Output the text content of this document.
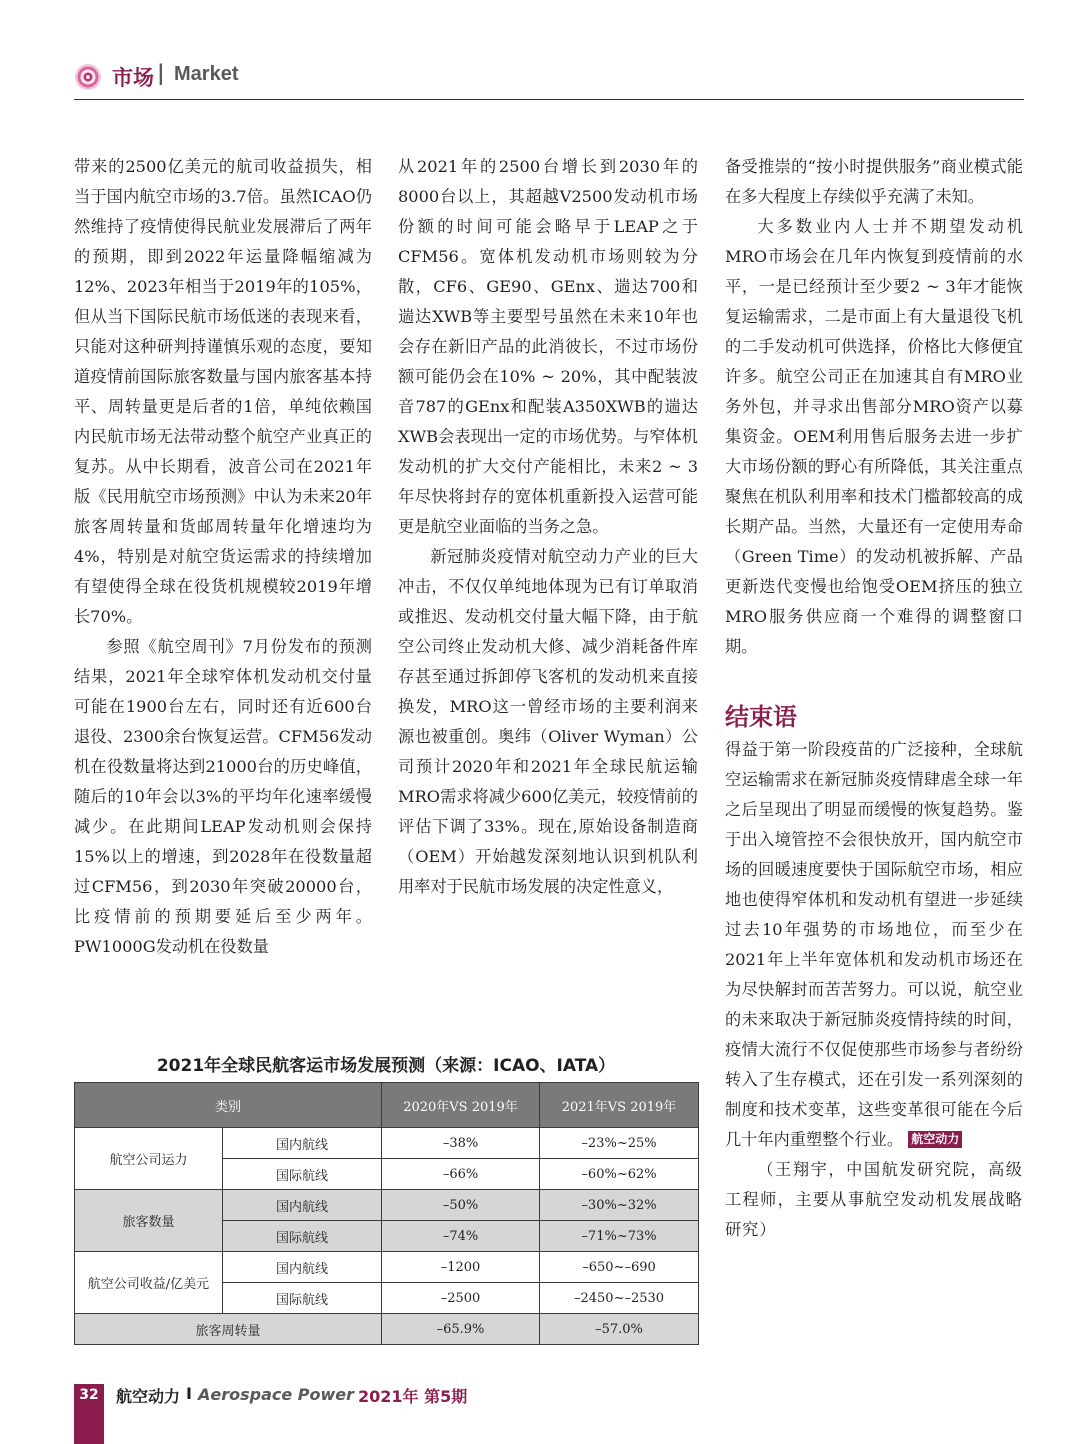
市场 | Market

带来的2500亿美元的航司收益损失，相当于国内航空市场的3.7倍。虽然ICAO仍然维持了疫情使得民航业发展滞后了两年的预期，即到2022年运量降幅缩减为12%、2023年相当于2019年的105%，但从当下国际民航市场低迷的表现来看，只能对这种研判持谨慎乐观的态度，要知道疫情前国际旅客数量与国内旅客基本持平、周转量更是后者的1倍，单纯依赖国内民航市场无法带动整个航空产业真正的复苏。从中长期看，波音公司在2021年版《民用航空市场预测》中认为未来20年旅客周转量和货邮周转量年化增速均为4%，特别是对航空货运需求的持续增加有望使得全球在役货机规模较2019年增长70%。

参照《航空周刊》7月份发布的预测结果，2021年全球窄体机发动机交付量可能在1900台左右，同时还有近600台退役、2300余台恢复运营。CFM56发动机在役数量将达到21000台的历史峰值，随后的10年会以3%的平均年化速率缓慢减少。在此期间LEAP发动机则会保持15%以上的增速，到2028年在役数量超过CFM56，到2030年突破20000台，比疫情前的预期要延后至少两年。PW1000G发动机在役数量

从2021年的2500台增长到2030年的8000台以上，其超越V2500发动机市场份额的时间可能会略早于LEAP之于CFM56。宽体机发动机市场则较为分散，CF6、GE90、GEnx、遄达700和遄达XWB等主要型号虽然在未来10年也会存在新旧产品的此消彼长，不过市场份额可能仍会在10% ~ 20%，其中配装波音787的GEnx和配装A350XWB的遄达XWB会表现出一定的市场优势。与窄体机发动机的扩大交付产能相比，未来2 ~ 3年尽快将封存的宽体机重新投入运营可能更是航空业面临的当务之急。

新冠肺炎疫情对航空动力产业的巨大冲击，不仅仅单纯地体现为已有订单取消或推迟、发动机交付量大幅下降，由于航空公司终止发动机大修、减少消耗备件库存甚至通过拆卸停飞客机的发动机来直接换发，MRO这一曾经市场的主要利润来源也被重创。奥纬（Oliver Wyman）公司预计2020年和2021年全球民航运输MRO需求将减少600亿美元，较疫情前的评估下调了33%。现在,原始设备制造商（OEM）开始越发深刻地认识到机队利用率对于民航市场发展的决定性意义，

备受推崇的“按小时提供服务”商业模式能在多大程度上存续似乎充满了未知。

大多数业内人士并不期望发动机MRO市场会在几年内恢复到疫情前的水平，一是已经预计至少要2 ~ 3年才能恢复运输需求，二是市面上有大量退役飞机的二手发动机可供选择，价格比大修便宜许多。航空公司正在加速其自有MRO业务外包，并寻求出售部分MRO资产以募集资金。OEM利用售后服务去进一步扩大市场份额的野心有所降低，其关注重点聚焦在机队利用率和技术门槛都较高的成长期产品。当然，大量还有一定使用寿命（Green Time）的发动机被拆解、产品更新迭代变慢也给饱受OEM挤压的独立MRO服务供应商一个难得的调整窗口期。

结束语

得益于第一阶段疫苗的广泛接种，全球航空运输需求在新冠肺炎疫情肆虐全球一年之后呈现出了明显而缓慢的恢复趋势。鉴于出入境管控不会很快放开，国内航空市场的回暖速度要快于国际航空市场，相应地也使得窄体机和发动机有望进一步延续过去10年强势的市场地位，而至少在2021年上半年宽体机和发动机市场还在为尽快解封而苦苦努力。可以说，航空业的未来取决于新冠肺炎疫情持续的时间，疫情大流行不仅促使那些市场参与者纷纷转入了生存模式，还在引发一系列深刻的制度和技术变革，这些变革很可能在今后几十年内重塑整个行业。 航空动力

（王翔宇，中国航发研究院，高级工程师，主要从事航空发动机发展战略研究）

2021年全球民航客运市场发展预测（来源：ICAO、IATA）
类别		2020年VS 2019年	2021年VS 2019年
航空公司运力	国内航线	–38%	–23%~25%
	国际航线	–66%	–60%~62%
旅客数量	国内航线	–50%	–30%~32%
	国际航线	–74%	–71%~73%
航空公司收益/亿美元	国内航线	–1200	–650~–690
	国际航线	–2500	–2450~–2530
旅客周转量		–65.9%	–57.0%
32	航空动力 I Aerospace Power 2021年 第5期
